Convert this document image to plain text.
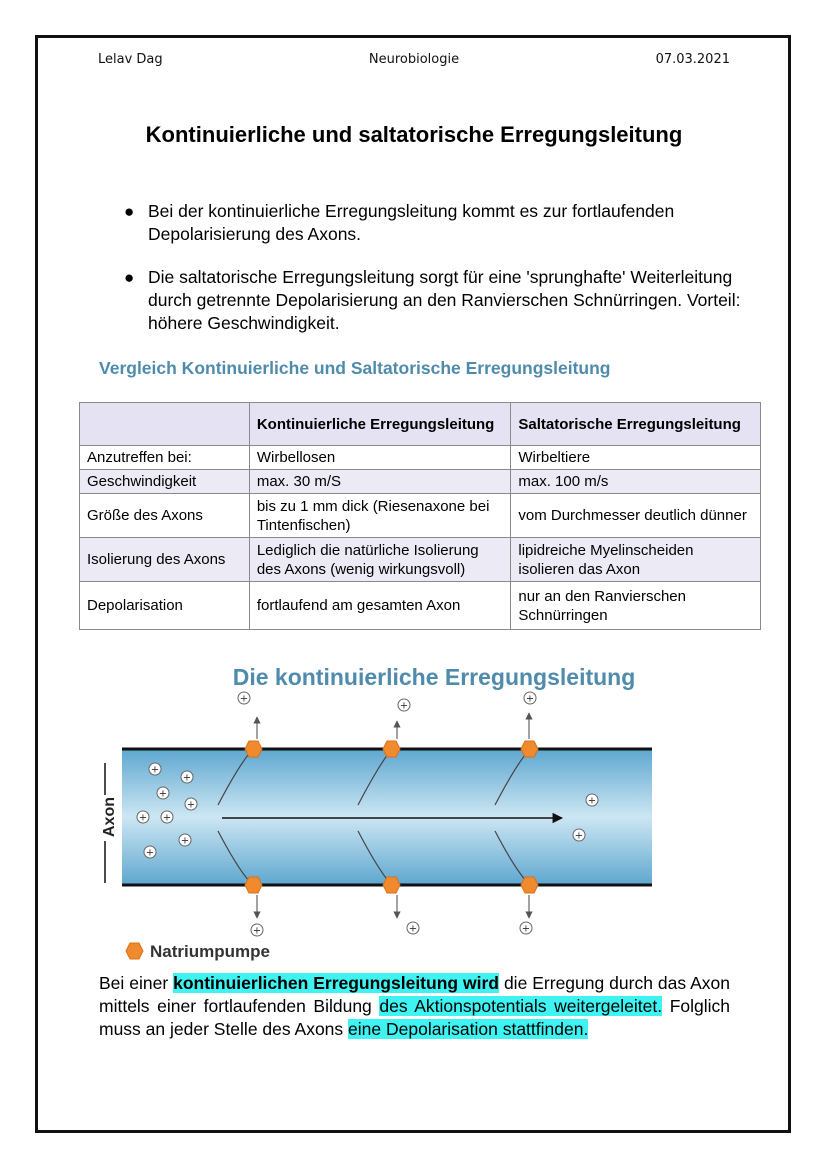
Lelav Dag	Neurobiologie	07.03.2021
Kontinuierliche und saltatorische Erregungsleitung
● Bei der kontinuierliche Erregungsleitung kommt es zur fortlaufenden Depolarisierung des Axons.
● Die saltatorische Erregungsleitung sorgt für eine 'sprunghafte' Weiterleitung durch getrennte Depolarisierung an den Ranvierschen Schnürringen. Vorteil: höhere Geschwindigkeit.
Vergleich Kontinuierliche und Saltatorische Erregungsleitung
	Kontinuierliche Erregungsleitung	Saltatorische Erregungsleitung
Anzutreffen bei:	Wirbellosen	Wirbeltiere
Geschwindigkeit	max. 30 m/S	max. 100 m/s
Größe des Axons	bis zu 1 mm dick (Riesenaxone bei Tintenfischen)	vom Durchmesser deutlich dünner
Isolierung des Axons	Lediglich die natürliche Isolierung des Axons (wenig wirkungsvoll)	lipidreiche Myelinscheiden isolieren das Axon
Depolarisation	fortlaufend am gesamten Axon	nur an den Ranvierschen Schnürringen
Die kontinuierliche Erregungsleitung
Axon
+
+
+
+
+ +
+
+
+
+
+
+
+
+	+	+
Natriumpumpe
Bei einer kontinuierlichen Erregungsleitung wird die Erregung durch das Axon mittels einer fortlaufenden Bildung des Aktionspotentials weitergeleitet. Folglich muss an jeder Stelle des Axons eine Depolarisation stattfinden.
